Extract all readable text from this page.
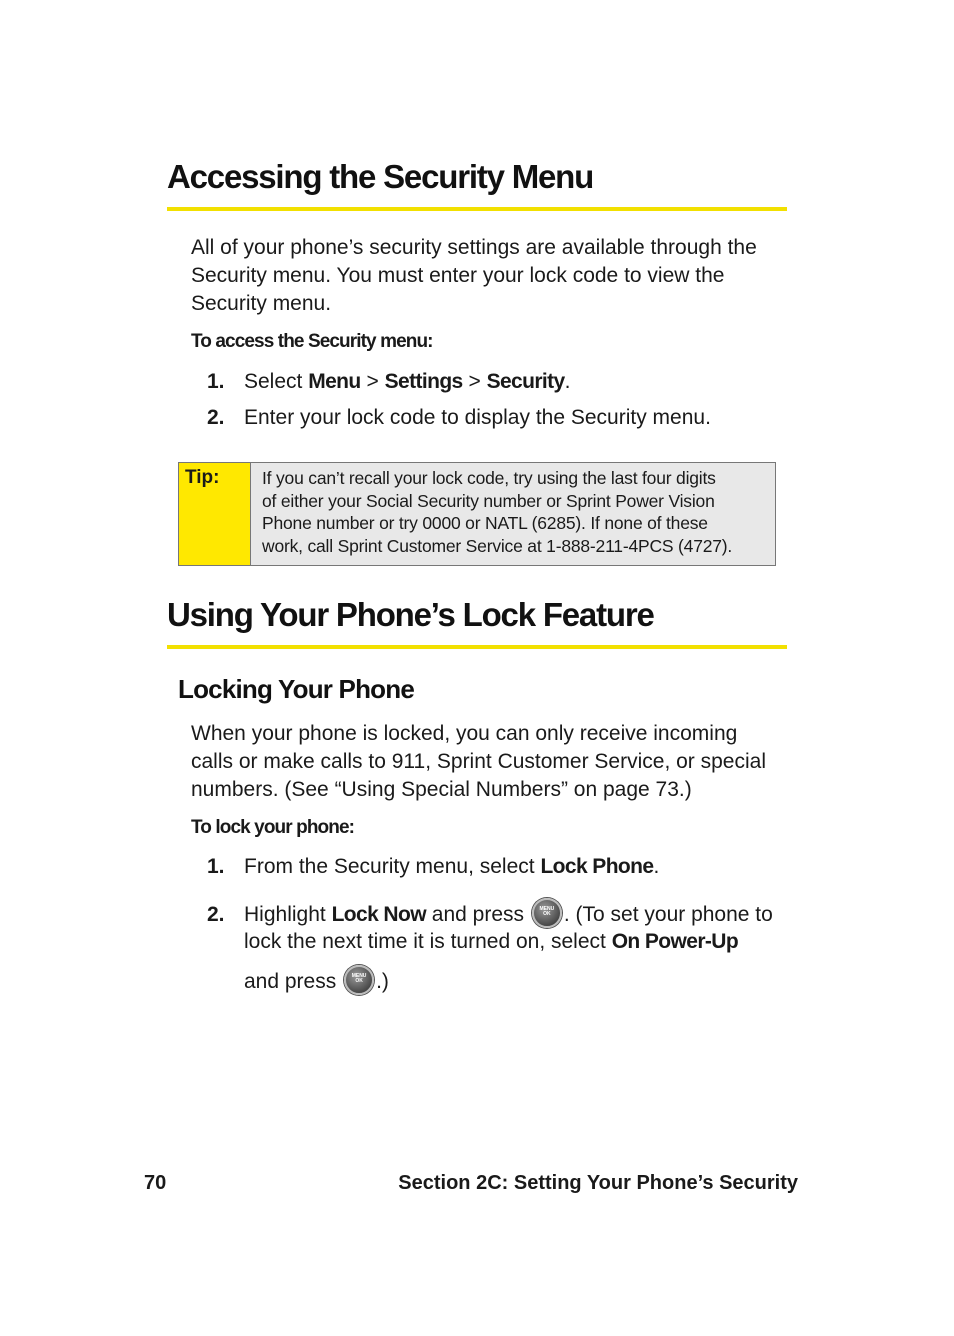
Accessing the Security Menu
All of your phone’s security settings are available through the
Security menu. You must enter your lock code to view the
Security menu.
To access the Security menu:
1. Select Menu > Settings > Security.
2. Enter your lock code to display the Security menu.
Tip: If you can’t recall your lock code, try using the last four digits
of either your Social Security number or Sprint Power Vision
Phone number or try 0000 or NATL (6285). If none of these
work, call Sprint Customer Service at 1-888-211-4PCS (4727).
Using Your Phone’s Lock Feature
Locking Your Phone
When your phone is locked, you can only receive incoming
calls or make calls to 911, Sprint Customer Service, or special
numbers. (See “Using Special Numbers” on page 73.)
To lock your phone:
1. From the Security menu, select Lock Phone.
2. Highlight Lock Now and press	MENU
OK . (To set your phone to
lock the next time it is turned on, select On Power-Up
and press	MENU
OK .)
70	Section 2C: Setting Your Phone’s Security
